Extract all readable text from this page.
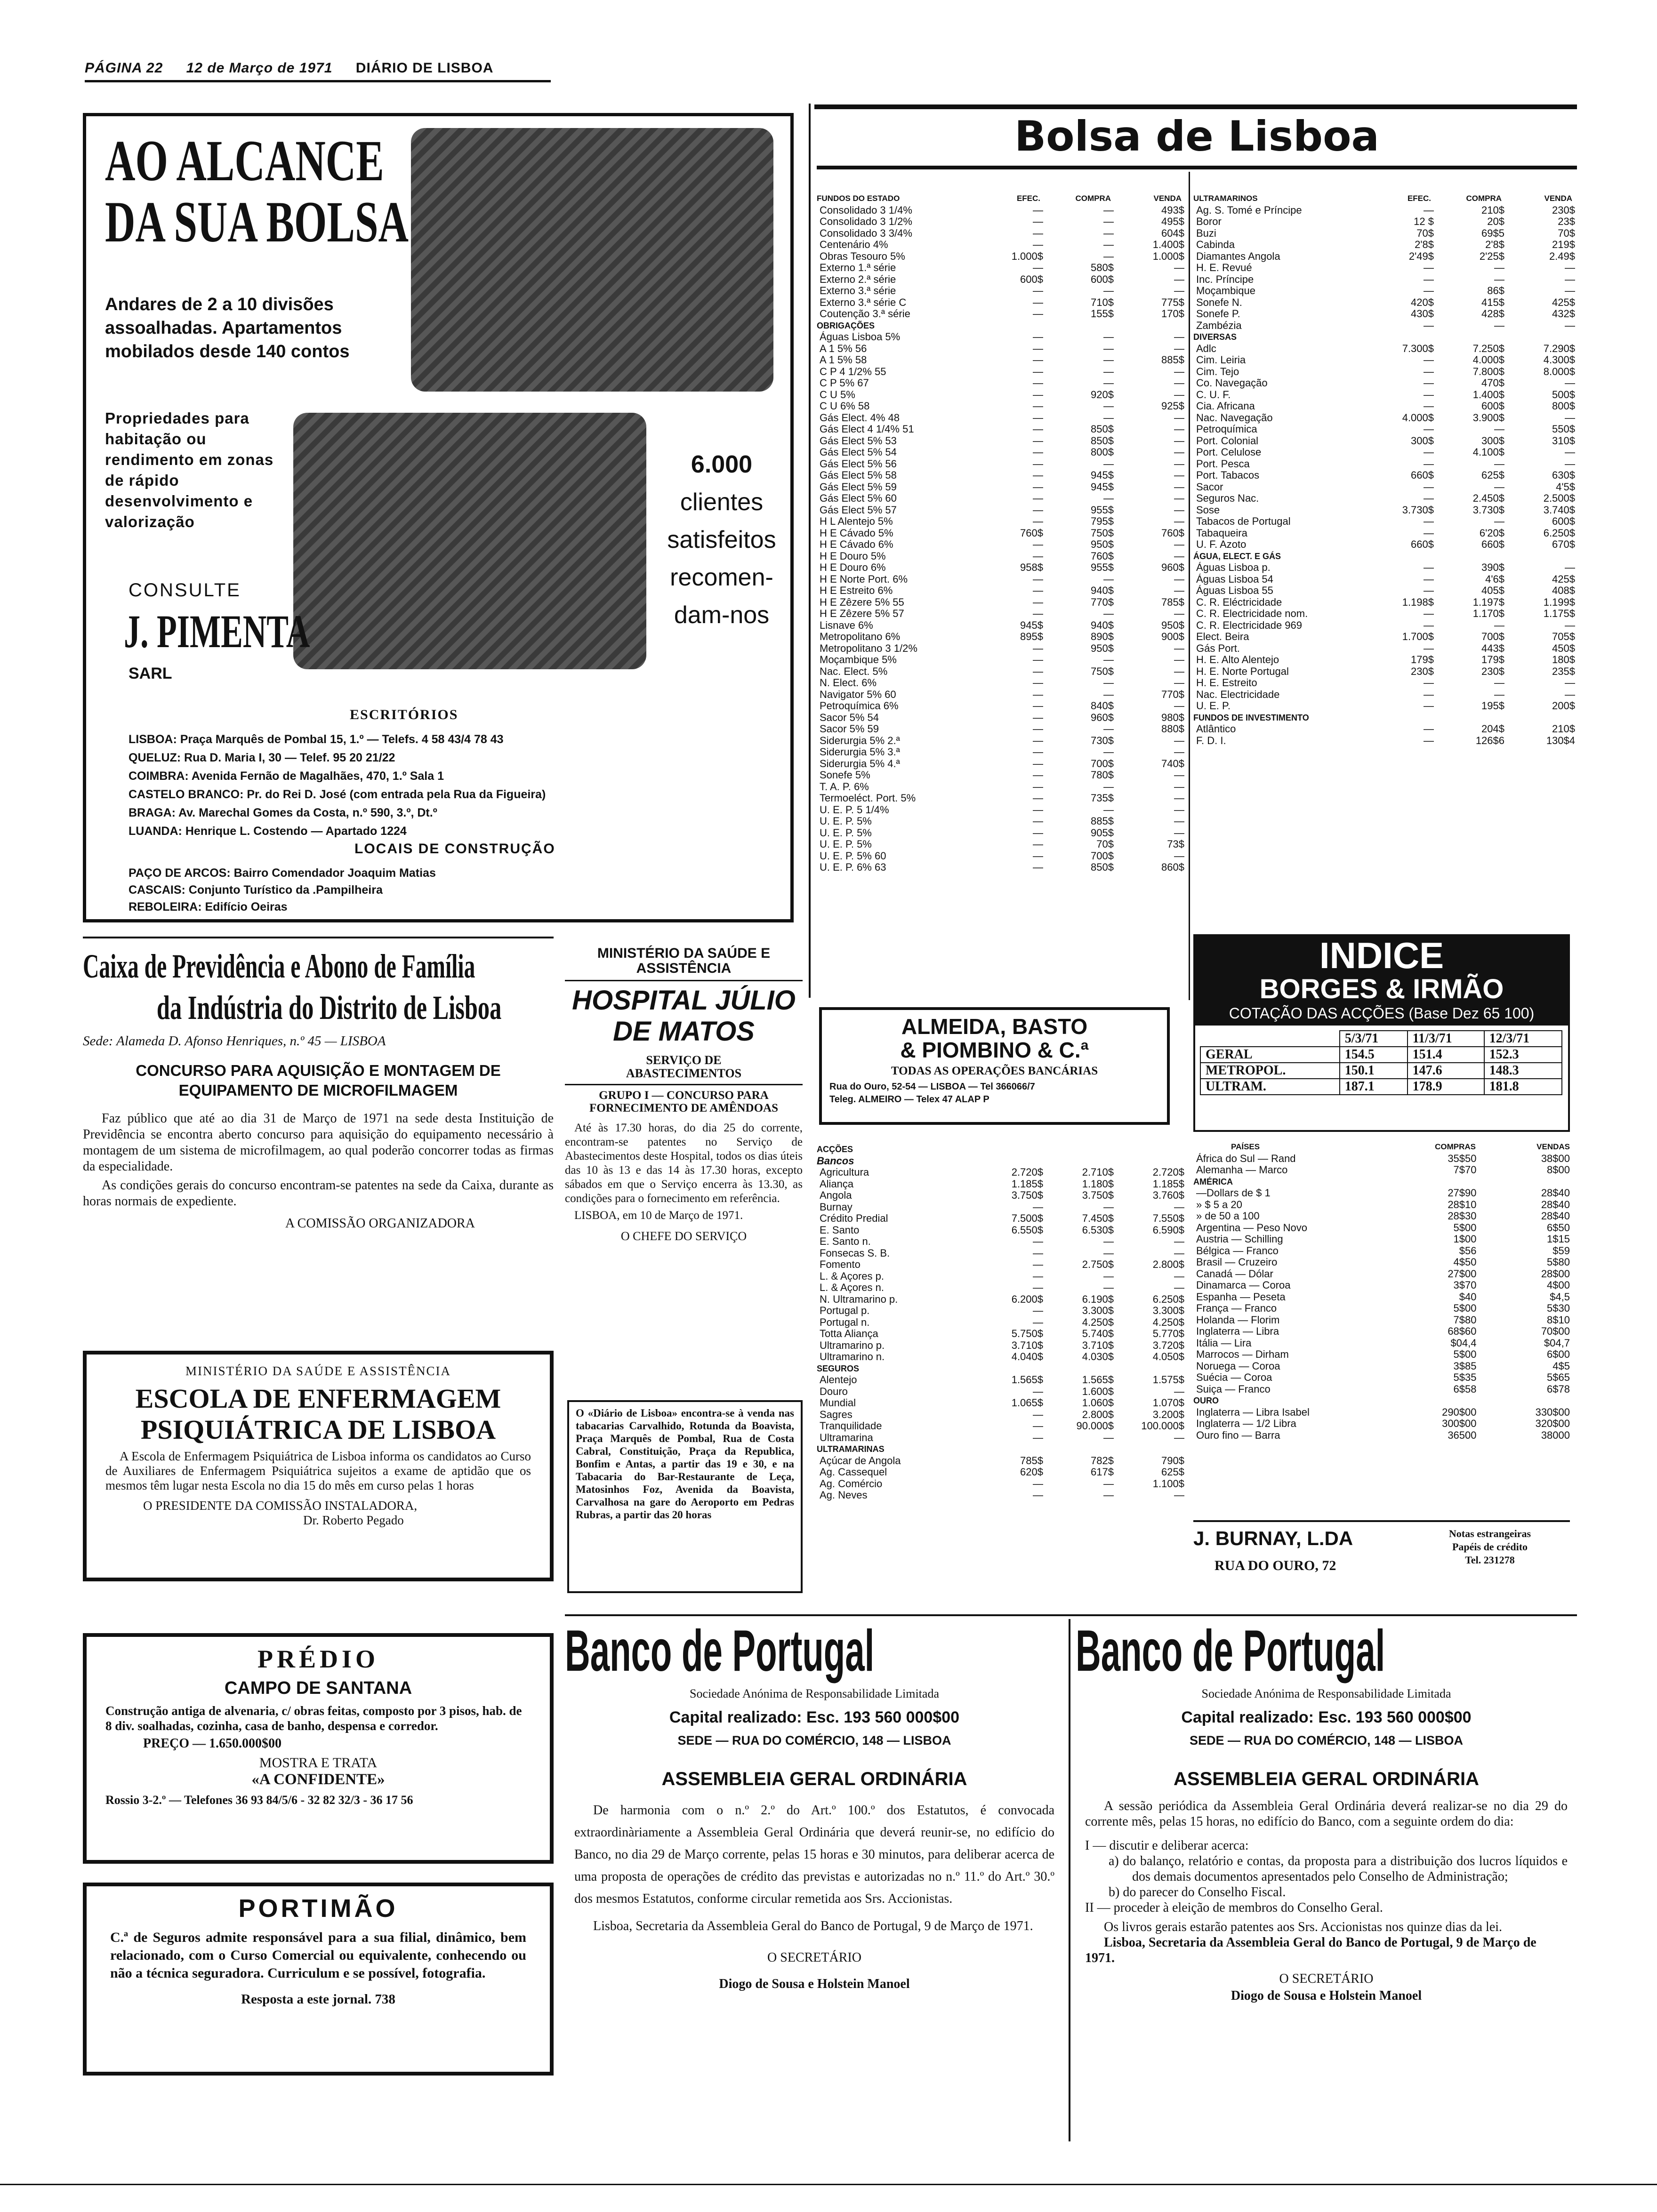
PÁGINA 22 12 de Março de 1971 DIÁRIO DE LISBOA
AO ALCANCE DA SUA BOLSA
Andares de 2 a 10 divisões assoalhadas. Apartamentos mobilados desde 140 contos
Propriedades para habitação ou rendimento em zonas de rápido desenvolvimento e valorização
6.000
clientes
satisfeitos
recomen-
dam-nos
CONSULTE
J. PIMENTA
SARL
ESCRITÓRIOS
LISBOA: Praça Marquês de Pombal 15, 1.º — Telefs. 4 58 43/4 78 43
QUELUZ: Rua D. Maria I, 30 — Telef. 95 20 21/22
COIMBRA: Avenida Fernão de Magalhães, 470, 1.º Sala 1
CASTELO BRANCO: Pr. do Rei D. José (com entrada pela Rua da Figueira)
BRAGA: Av. Marechal Gomes da Costa, n.º 590, 3.º, Dt.º
LUANDA: Henrique L. Costendo — Apartado 1224
LOCAIS DE CONSTRUÇÃO
PAÇO DE ARCOS: Bairro Comendador Joaquim Matias
CASCAIS: Conjunto Turístico da .Pampilheira
REBOLEIRA: Edifício Oeiras
Caixa de Previdência e Abono de Família
da Indústria do Distrito de Lisboa
Sede: Alameda D. Afonso Henriques, n.º 45 — LISBOA
CONCURSO PARA AQUISIÇÃO E MONTAGEM DE EQUIPAMENTO DE MICROFILMAGEM
Faz público que até ao dia 31 de Março de 1971 na sede desta Instituição de Previdência se encontra aberto concurso para aquisição do equipamento necessário à montagem de um sistema de microfilmagem, ao qual poderão concorrer todas as firmas da especialidade.
As condições gerais do concurso encontram-se patentes na sede da Caixa, durante as horas normais de expediente.
A COMISSÃO ORGANIZADORA
MINISTÉRIO DA SAÚDE E ASSISTÊNCIA
ESCOLA DE ENFERMAGEM
PSIQUIÁTRICA DE LISBOA
A Escola de Enfermagem Psiquiátrica de Lisboa informa os candidatos ao Curso de Auxiliares de Enfermagem Psiquiátrica sujeitos a exame de aptidão que os mesmos têm lugar nesta Escola no dia 15 do mês em curso pelas 1 horas
O PRESIDENTE DA COMISSÃO INSTALADORA,
Dr. Roberto Pegado
PRÉDIO
CAMPO DE SANTANA
Construção antiga de alvenaria, c/ obras feitas, composto por 3 pisos, hab. de 8 div. soalhadas, cozinha, casa de banho, despensa e corredor.
PREÇO — 1.650.000$00
MOSTRA E TRATA
«A CONFIDENTE»
Rossio 3-2.º — Telefones 36 93 84/5/6 - 32 82 32/3 - 36 17 56
PORTIMÃO
C.ª de Seguros admite responsável para a sua filial, dinâmico, bem relacionado, com o Curso Comercial ou equivalente, conhecendo ou não a técnica seguradora. Curriculum e se possível, fotografia.
Resposta a este jornal. 738
MINISTÉRIO DA SAÚDE E ASSISTÊNCIA
HOSPITAL JÚLIO
DE MATOS
SERVIÇO DE ABASTECIMENTOS
GRUPO I — CONCURSO PARA FORNECIMENTO DE AMÊNDOAS
Até às 17.30 horas, do dia 25 do corrente, encontram-se patentes no Serviço de Abastecimentos deste Hospital, todos os dias úteis das 10 às 13 e das 14 às 17.30 horas, excepto sábados em que o Serviço encerra às 13.30, as condições para o fornecimento em referência.
LISBOA, em 10 de Março de 1971.
O CHEFE DO SERVIÇO
O «Diário de Lisboa» encontra-se à venda nas tabacarias Carvalhido, Rotunda da Boavista, Praça Marquês de Pombal, Rua de Costa Cabral, Constituição, Praça da Republica, Bonfim e Antas, a partir das 19 e 30, e na Tabacaria do Bar-Restaurante de Leça, Matosinhos Foz, Avenida da Boavista, Carvalhosa na gare do Aeroporto em Pedras Rubras, a partir das 20 horas
Bolsa de Lisboa
FUNDOS DO ESTADO	EFEC.	COMPRA	VENDA
Consolidado 3 1/4%	—	—	493$
Consolidado 3 1/2%	—	—	495$
Consolidado 3 3/4%	—	—	604$
Centenário 4%	—	—	1.400$
Obras Tesouro 5%	1.000$	—	1.000$
Externo 1.ª série	—	580$	—
Externo 2.ª série	600$	600$	—
Externo 3.ª série	—	—	—
Externo 3.ª série C	—	710$	775$
Coutenção 3.ª série	—	155$	170$
OBRIGAÇÕES
Águas Lisboa 5%	—	—	—
A 1 5% 56	—	—	—
A 1 5% 58	—	—	885$
C P 4 1/2% 55	—	—	—
C P 5% 67	—	—	—
C U 5%	—	920$	—
C U 6% 58	—	—	925$
Gás Elect. 4% 48	—	—	—
Gás Elect 4 1/4% 51	—	850$	—
Gás Elect 5% 53	—	850$	—
Gás Elect 5% 54	—	800$	—
Gás Elect 5% 56	—	—	—
Gás Elect 5% 58	—	945$	—
Gás Elect 5% 59	—	945$	—
Gás Elect 5% 60	—	—	—
Gás Elect 5% 57	—	955$	—
H L Alentejo 5%	—	795$	—
H E Cávado 5%	760$	750$	760$
H E Cávado 6%	—	950$	—
H E Douro 5%	—	760$	—
H E Douro 6%	958$	955$	960$
H E Norte Port. 6%	—	—	—
H E Estreito 6%	—	940$	—
H E Zêzere 5% 55	—	770$	785$
H E Zêzere 5% 57	—	—	—
Lisnave 6%	945$	940$	950$
Metropolitano 6%	895$	890$	900$
Metropolitano 3 1/2%	—	950$	—
Moçambique 5%	—	—	—
Nac. Elect. 5%	—	750$	—
N. Elect. 6%	—	—	—
Navigator 5% 60	—	—	770$
Petroquímica 6%	—	840$	—
Sacor 5% 54	—	960$	980$
Sacor 5% 59	—	—	880$
Siderurgia 5% 2.ª	—	730$	—
Siderurgia 5% 3.ª	—	—	—
Siderurgia 5% 4.ª	—	700$	740$
Sonefe 5%	—	780$	—
T. A. P. 6%	—	—	—
Termoeléct. Port. 5%	—	735$	—
U. E. P. 5 1/4%	—	—	—
U. E. P. 5%	—	885$	—
U. E. P. 5%	—	905$	—
U. E. P. 5%	—	70$	73$
U. E. P. 5% 60	—	700$	—
U. E. P. 6% 63	—	850$	860$
ULTRAMARINOS	EFEC.	COMPRA	VENDA
Ag. S. Tomé e Príncipe	—	210$	230$
Boror	12 $	20$	23$
Buzi	70$	69$5	70$
Cabinda	2'8$	2'8$	219$
Diamantes Angola	2'49$	2'25$	2.49$
H. E. Revué	—	—	—
Inc. Príncipe	—	—	—
Moçambique	—	86$	—
Sonefe N.	420$	415$	425$
Sonefe P.	430$	428$	432$
Zambézia	—	—	—
DIVERSAS
Adlc	7.300$	7.250$	7.290$
Cim. Leiria	—	4.000$	4.300$
Cim. Tejo	—	7.800$	8.000$
Co. Navegação	—	470$	—
C. U. F.	—	1.400$	500$
Cia. Africana	—	600$	800$
Nac. Navegação	4.000$	3.900$	—
Petroquímica	—	—	550$
Port. Colonial	300$	300$	310$
Port. Celulose	—	4.100$	—
Port. Pesca	—	—	—
Port. Tabacos	660$	625$	630$
Sacor	—	—	4'5$
Seguros Nac.	—	2.450$	2.500$
Sose	3.730$	3.730$	3.740$
Tabacos de Portugal	—	—	600$
Tabaqueira	—	6'20$	6.250$
U. F. Azoto	660$	660$	670$
ÁGUA, ELECT. E GÁS
Águas Lisboa p.	—	390$	—
Águas Lisboa 54	—	4'6$	425$
Águas Lisboa 55	—	405$	408$
C. R. Eléctricidade	1.198$	1.197$	1.199$
C. R. Electricidade nom.	—	1.170$	1.175$
C. R. Electricidade 969	—	—	—
Elect. Beira	1.700$	700$	705$
Gás Port.	—	443$	450$
H. E. Alto Alentejo	179$	179$	180$
H. E. Norte Portugal	230$	230$	235$
H. E. Estreito	—	—	—
Nac. Electricidade	—	—	—
U. E. P.	—	195$	200$
FUNDOS DE INVESTIMENTO
Atlântico	—	204$	210$
F. D. I.	—	126$6	130$4
ALMEIDA, BASTO
& PIOMBINO & C.ª
TODAS AS OPERAÇÕES BANCÁRIAS
Rua do Ouro, 52-54 — LISBOA — Tel 366066/7
Teleg. ALMEIRO — Telex 47 ALAP P
ACÇÕES
Bancos
Agricultura	2.720$	2.710$	2.720$
Aliança	1.185$	1.180$	1.185$
Angola	3.750$	3.750$	3.760$
Burnay	—	—	—
Crédito Predial	7.500$	7.450$	7.550$
E. Santo	6.550$	6.530$	6.590$
E. Santo n.	—	—	—
Fonsecas S. B.	—	—	—
Fomento	—	2.750$	2.800$
L. & Açores p.	—	—	—
L. & Açores n.	—	—	—
N. Ultramarino p.	6.200$	6.190$	6.250$
Portugal p.	—	3.300$	3.300$
Portugal n.	—	4.250$	4.250$
Totta Aliança	5.750$	5.740$	5.770$
Ultramarino p.	3.710$	3.710$	3.720$
Ultramarino n.	4.040$	4.030$	4.050$
SEGUROS
Alentejo	1.565$	1.565$	1.575$
Douro	—	1.600$	—
Mundial	1.065$	1.060$	1.070$
Sagres	—	2.800$	3.200$
Tranquilidade	—	90.000$	100.000$
Ultramarina	—	—	—
ULTRAMARINAS
Açúcar de Angola	785$	782$	790$
Ag. Cassequel	620$	617$	625$
Ag. Comércio	—	—	1.100$
Ag. Neves	—	—	—
INDICE
BORGES & IRMÃO
COTAÇÃO DAS ACÇÕES (Base Dez 65 100)
	5/3/71	11/3/71	12/3/71
GERAL	154.5	151.4	152.3
METROPOL.	150.1	147.6	148.3
ULTRAM.	187.1	178.9	181.8
PAÍSES	COMPRAS	VENDAS
África do Sul — Rand	35$50	38$00
Alemanha — Marco	7$70	8$00
AMÉRICA
—Dollars de $ 1	27$90	28$40
» $ 5 a 20	28$10	28$40
» de 50 a 100	28$30	28$40
Argentina — Peso Novo	5$00	6$50
Austria — Schilling	1$00	1$15
Bélgica — Franco	$56	$59
Brasil — Cruzeiro	4$50	5$80
Canadá — Dólar	27$00	28$00
Dinamarca — Coroa	3$70	4$00
Espanha — Peseta	$40	$4,5
França — Franco	5$00	5$30
Holanda — Florim	7$80	8$10
Inglaterra — Libra	68$60	70$00
Itália — Lira	$04,4	$04,7
Marrocos — Dirham	5$00	6$00
Noruega — Coroa	3$85	4$5
Suécia — Coroa	5$35	5$65
Suiça — Franco	6$58	6$78
OURO
Inglaterra — Libra Isabel	290$00	330$00
Inglaterra — 1/2 Libra	300$00	320$00
Ouro fino — Barra	36500	38000
J. BURNAY, L.DA
RUA DO OURO, 72
Notas estrangeiras
Papéis de crédito
Tel. 231278
Banco de Portugal
Sociedade Anónima de Responsabilidade Limitada
Capital realizado: Esc. 193 560 000$00
SEDE — RUA DO COMÉRCIO, 148 — LISBOA
ASSEMBLEIA GERAL ORDINÁRIA
De harmonia com o n.º 2.º do Art.º 100.º dos Estatutos, é convocada extraordinàriamente a Assembleia Geral Ordinária que deverá reunir-se, no edifício do Banco, no dia 29 de Março corrente, pelas 15 horas e 30 minutos, para deliberar acerca de uma proposta de operações de crédito das previstas e autorizadas no n.º 11.º do Art.º 30.º dos mesmos Estatutos, conforme circular remetida aos Srs. Accionistas.
Lisboa, Secretaria da Assembleia Geral do Banco de Portugal, 9 de Março de 1971.
O SECRETÁRIO
Diogo de Sousa e Holstein Manoel
Banco de Portugal
Sociedade Anónima de Responsabilidade Limitada
Capital realizado: Esc. 193 560 000$00
SEDE — RUA DO COMÉRCIO, 148 — LISBOA
ASSEMBLEIA GERAL ORDINÁRIA
A sessão periódica da Assembleia Geral Ordinária deverá realizar-se no dia 29 do corrente mês, pelas 15 horas, no edifício do Banco, com a seguinte ordem do dia:
I — discutir e deliberar acerca:
a) do balanço, relatório e contas, da proposta para a distribuição dos lucros líquidos e dos demais documentos apresentados pelo Conselho de Administração;
b) do parecer do Conselho Fiscal.
II — proceder à eleição de membros do Conselho Geral.
Os livros gerais estarão patentes aos Srs. Accionistas nos quinze dias da lei.
Lisboa, Secretaria da Assembleia Geral do Banco de Portugal, 9 de Março de 1971.
O SECRETÁRIO
Diogo de Sousa e Holstein Manoel
